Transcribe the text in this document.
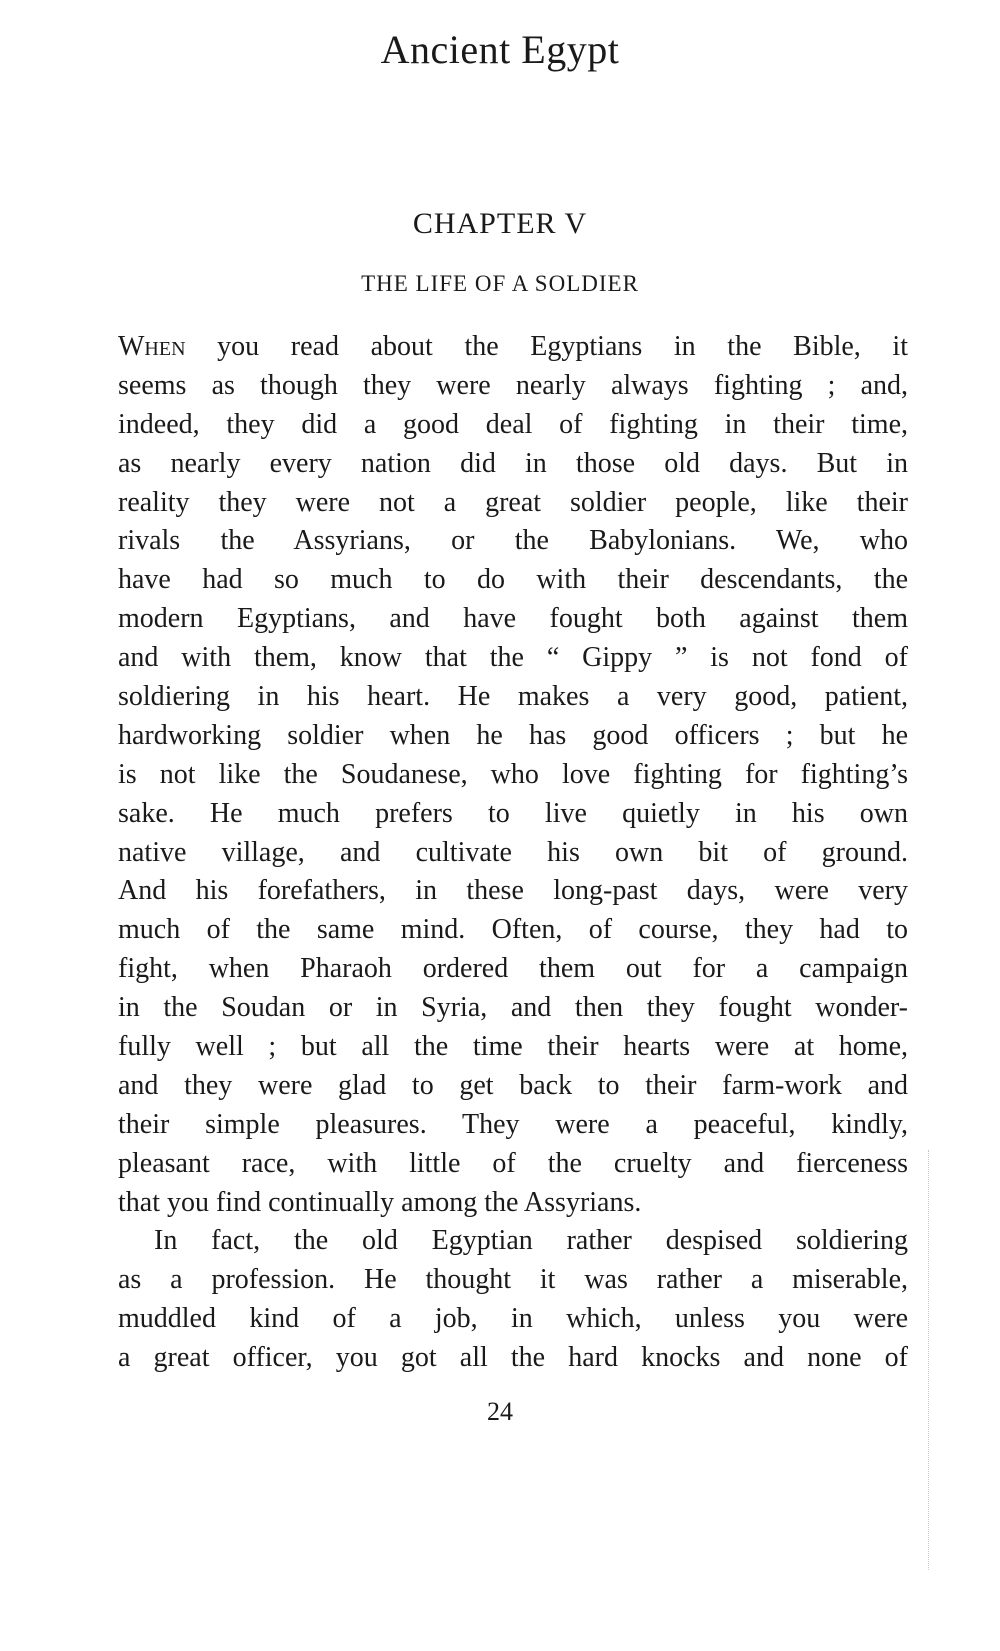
Ancient Egypt
CHAPTER V
THE LIFE OF A SOLDIER
When you read about the Egyptians in the Bible, it
seems as though they were nearly always fighting ; and,
indeed, they did a good deal of fighting in their time,
as nearly every nation did in those old days. But in
reality they were not a great soldier people, like their
rivals the Assyrians, or the Babylonians. We, who
have had so much to do with their descendants, the
modern Egyptians, and have fought both against them
and with them, know that the “ Gippy ” is not fond of
soldiering in his heart. He makes a very good, patient,
hardworking soldier when he has good officers ; but he
is not like the Soudanese, who love fighting for fighting’s
sake. He much prefers to live quietly in his own
native village, and cultivate his own bit of ground.
And his forefathers, in these long-past days, were very
much of the same mind. Often, of course, they had to
fight, when Pharaoh ordered them out for a campaign
in the Soudan or in Syria, and then they fought wonder-
fully well ; but all the time their hearts were at home,
and they were glad to get back to their farm-work and
their simple pleasures. They were a peaceful, kindly,
pleasant race, with little of the cruelty and fierceness
that you find continually among the Assyrians.
In fact, the old Egyptian rather despised soldiering
as a profession. He thought it was rather a miserable,
muddled kind of a job, in which, unless you were
a great officer, you got all the hard knocks and none of
24
